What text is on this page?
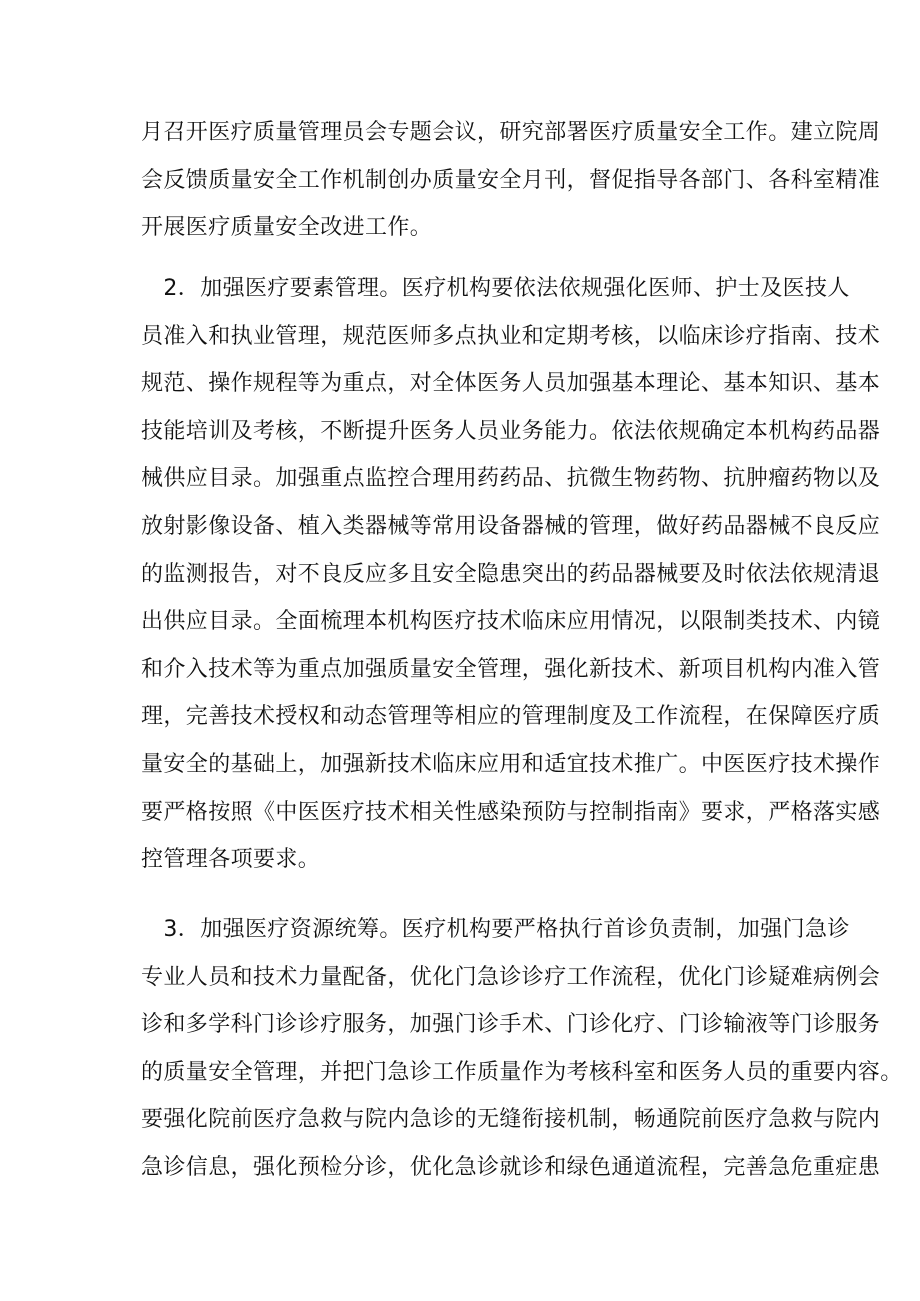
月召开医疗质量管理员会专题会议，研究部署医疗质量安全工作。建立院周
会反馈质量安全工作机制创办质量安全月刊，督促指导各部门、各科室精准
开展医疗质量安全改进工作。
　2．加强医疗要素管理。医疗机构要依法依规强化医师、护士及医技人
员准入和执业管理，规范医师多点执业和定期考核，以临床诊疗指南、技术
规范、操作规程等为重点，对全体医务人员加强基本理论、基本知识、基本
技能培训及考核，不断提升医务人员业务能力。依法依规确定本机构药品器
械供应目录。加强重点监控合理用药药品、抗微生物药物、抗肿瘤药物以及
放射影像设备、植入类器械等常用设备器械的管理，做好药品器械不良反应
的监测报告，对不良反应多且安全隐患突出的药品器械要及时依法依规清退
出供应目录。全面梳理本机构医疗技术临床应用情况，以限制类技术、内镜
和介入技术等为重点加强质量安全管理，强化新技术、新项目机构内准入管
理，完善技术授权和动态管理等相应的管理制度及工作流程，在保障医疗质
量安全的基础上，加强新技术临床应用和适宜技术推广。中医医疗技术操作
要严格按照《中医医疗技术相关性感染预防与控制指南》要求，严格落实感
控管理各项要求。
　3．加强医疗资源统筹。医疗机构要严格执行首诊负责制，加强门急诊
专业人员和技术力量配备，优化门急诊诊疗工作流程，优化门诊疑难病例会
诊和多学科门诊诊疗服务，加强门诊手术、门诊化疗、门诊输液等门诊服务
的质量安全管理，并把门急诊工作质量作为考核科室和医务人员的重要内容。
要强化院前医疗急救与院内急诊的无缝衔接机制，畅通院前医疗急救与院内
急诊信息，强化预检分诊，优化急诊就诊和绿色通道流程，完善急危重症患
